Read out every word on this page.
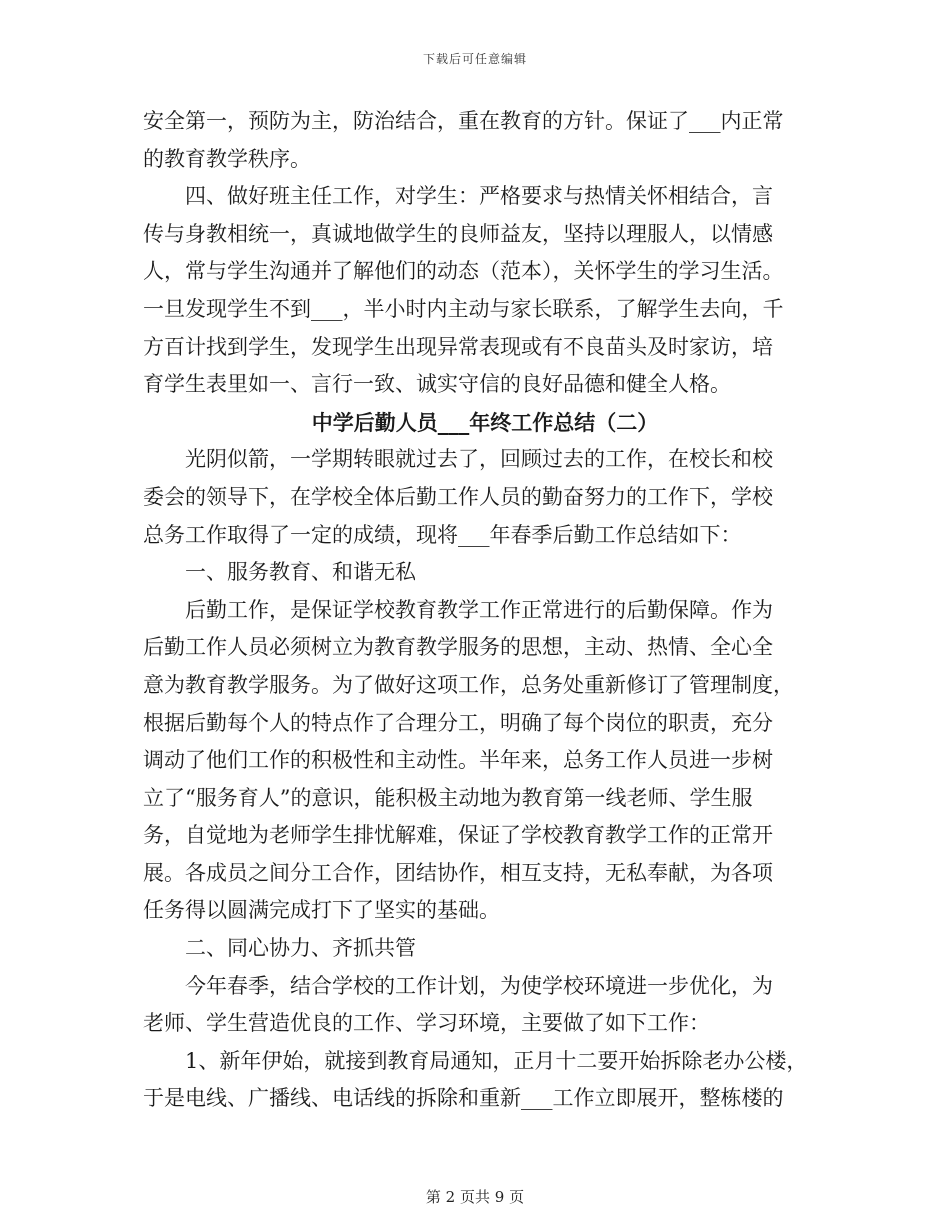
下载后可任意编辑
安全第一，预防为主，防治结合，重在教育的方针。保证了___内正常
的教育教学秩序。
四、做好班主任工作，对学生：严格要求与热情关怀相结合，言
传与身教相统一，真诚地做学生的良师益友，坚持以理服人，以情感
人，常与学生沟通并了解他们的动态（范本），关怀学生的学习生活。
一旦发现学生不到___，半小时内主动与家长联系，了解学生去向，千
方百计找到学生，发现学生出现异常表现或有不良苗头及时家访，培
育学生表里如一、言行一致、诚实守信的良好品德和健全人格。
中学后勤人员___年终工作总结（二）
光阴似箭，一学期转眼就过去了，回顾过去的工作，在校长和校
委会的领导下，在学校全体后勤工作人员的勤奋努力的工作下，学校
总务工作取得了一定的成绩，现将___年春季后勤工作总结如下：
一、服务教育、和谐无私
后勤工作，是保证学校教育教学工作正常进行的后勤保障。作为
后勤工作人员必须树立为教育教学服务的思想，主动、热情、全心全
意为教育教学服务。为了做好这项工作，总务处重新修订了管理制度，
根据后勤每个人的特点作了合理分工，明确了每个岗位的职责，充分
调动了他们工作的积极性和主动性。半年来，总务工作人员进一步树
立了“服务育人”的意识，能积极主动地为教育第一线老师、学生服
务，自觉地为老师学生排忧解难，保证了学校教育教学工作的正常开
展。各成员之间分工合作，团结协作，相互支持，无私奉献，为各项
任务得以圆满完成打下了坚实的基础。
二、同心协力、齐抓共管
今年春季，结合学校的工作计划，为使学校环境进一步优化，为
老师、学生营造优良的工作、学习环境，主要做了如下工作：
1、新年伊始，就接到教育局通知，正月十二要开始拆除老办公楼，
于是电线、广播线、电话线的拆除和重新___工作立即展开，整栋楼的
第 2 页共 9 页
